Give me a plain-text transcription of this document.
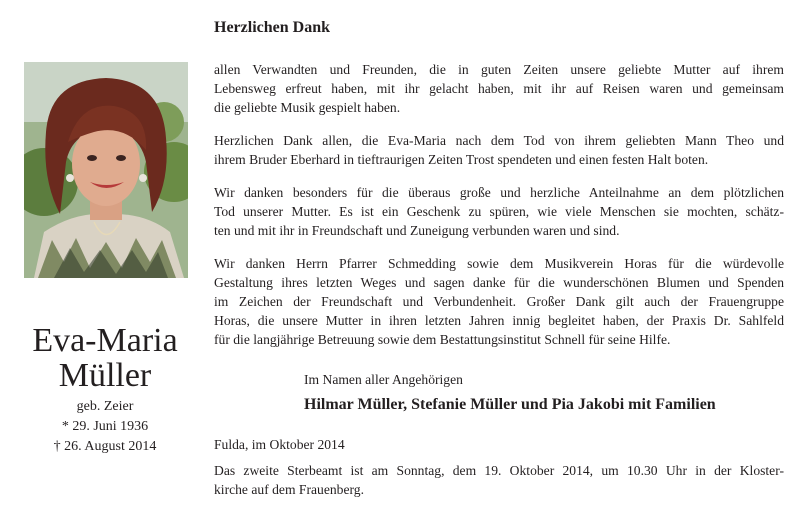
Eva-Maria
Müller
geb. Zeier
* 29. Juni 1936
† 26. August 2014
Herzlichen Dank
allen Verwandten und Freunden, die in guten Zeiten unsere geliebte Mutter auf ihrem
Lebensweg erfreut haben, mit ihr gelacht haben, mit ihr auf Reisen waren und gemeinsam
die geliebte Musik gespielt haben.
Herzlichen Dank allen, die Eva-Maria nach dem Tod von ihrem geliebten Mann Theo und
ihrem Bruder Eberhard in tieftraurigen Zeiten Trost spendeten und einen festen Halt boten.
Wir danken besonders für die überaus große und herzliche Anteilnahme an dem plötzlichen
Tod unserer Mutter. Es ist ein Geschenk zu spüren, wie viele Menschen sie mochten, schätz-
ten und mit ihr in Freundschaft und Zuneigung verbunden waren und sind.
Wir danken Herrn Pfarrer Schmedding sowie dem Musikverein Horas für die würdevolle
Gestaltung ihres letzten Weges und sagen danke für die wunderschönen Blumen und Spenden
im Zeichen der Freundschaft und Verbundenheit. Großer Dank gilt auch der Frauengruppe
Horas, die unsere Mutter in ihren letzten Jahren innig begleitet haben, der Praxis Dr. Sahlfeld
für die langjährige Betreuung sowie dem Bestattungsinstitut Schnell für seine Hilfe.
Im Namen aller Angehörigen
Hilmar Müller, Stefanie Müller und Pia Jakobi mit Familien
Fulda, im Oktober 2014
Das zweite Sterbeamt ist am Sonntag, dem 19. Oktober 2014, um 10.30 Uhr in der Kloster-
kirche auf dem Frauenberg.
